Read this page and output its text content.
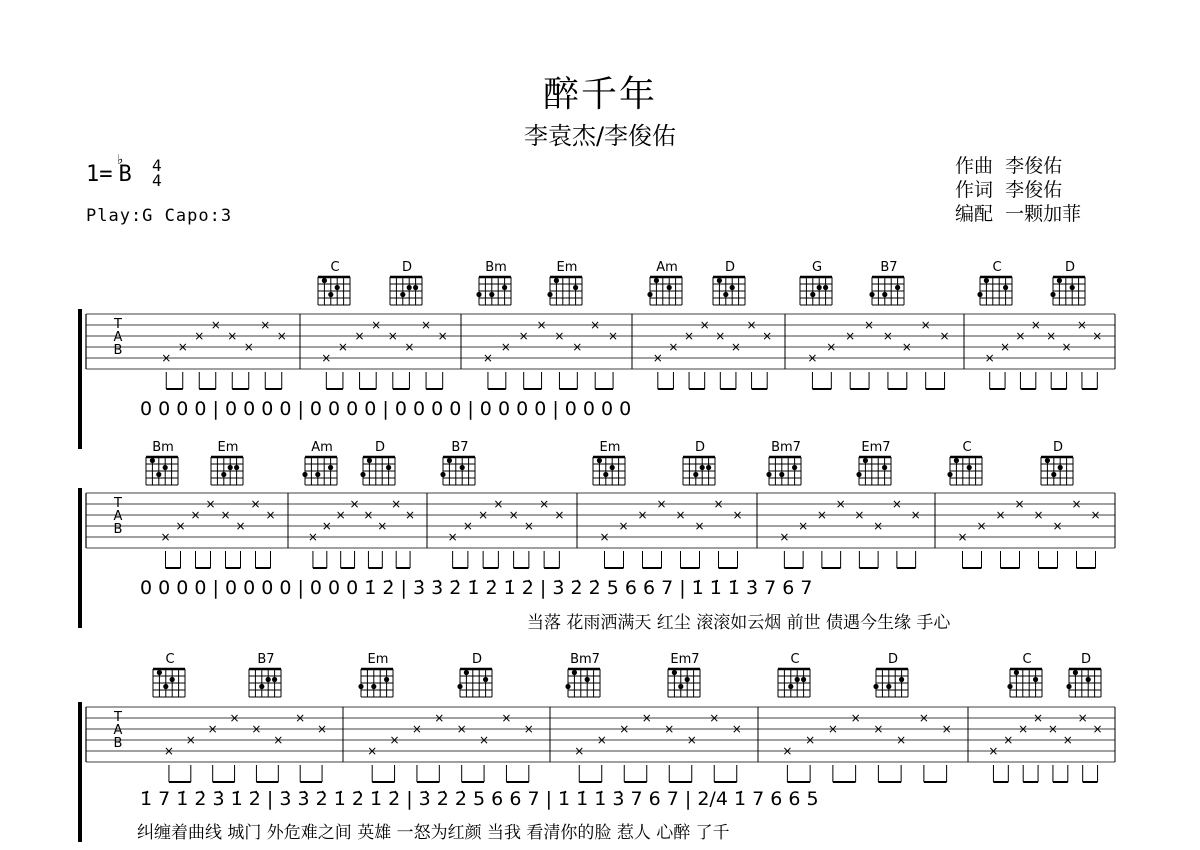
醉千年
李袁杰/李俊佑
1=
♭
B 4
4
Play:G Capo:3
作曲  李俊佑
作词  李俊佑
编配  一颗加菲
T
A
B
C	D	Bm	Em	Am	D	G	B7	C	D
×
×
×
×
×
×
×
×
×
×
×
×
×
×
×
×
×
×
×
×
×
×
×
×
×
×
×
×
×
×
×
×
×
×
×
×
×
×
×
×
×
×
×
×
×
×
×
×
0 0 0 0 | 0 0 0 0 | 0 0 0 0 | 0 0 0 0 | 0 0 0 0 | 0 0 0 0
T
A
B
Bm	Em	Am	D	B7	Em	D	Bm7	Em7	C	D
×
×
×
×
×
×
×
×
×
×
×
×
×
×
×
×
×
×
×
×
×
×
×
×
×
×
×
×
×
×
×
×
×
×
×
×
×
×
×
×
×
×
×
×
×
×
×
×
0 0 0 0 | 0 0 0 0 | 0 0 0 1̇ 2̇ | 3̇ 3̇ 2̇ 1̇ 2̇ 1̇ 2̇ | 3̇ 2̇ 2̇ 5 6 6 7 | 1̇ 1̇ 1̇ 3̇ 7 6 7
当落 花雨洒满天 红尘 滚滚如云烟 前世 债遇今生缘 手心
T
A
B
C	B7	Em	D	Bm7	Em7	C	D	C	D
×
×
×
×
×
×
×
×
×
×
×
×
×
×
×
×
×
×
×
×
×
×
×
×
×
×
×
×
×
×
×
×
×
×
×
×
×
×
×
×
1̇ 7 1̇ 2̇ 3̇ 1̇ 2̇ | 3̇ 3̇ 2̇ 1̇ 2̇ 1̇ 2̇ | 3̇ 2̇ 2̇ 5 6 6 7 | 1̇ 1̇ 1̇ 3̇ 7 6 7 | 2/4 1̇ 7 6 6 5
纠缠着曲线 城门 外危难之间 英雄 一怒为红颜 当我 看清你的脸 惹人 心醉 了千
